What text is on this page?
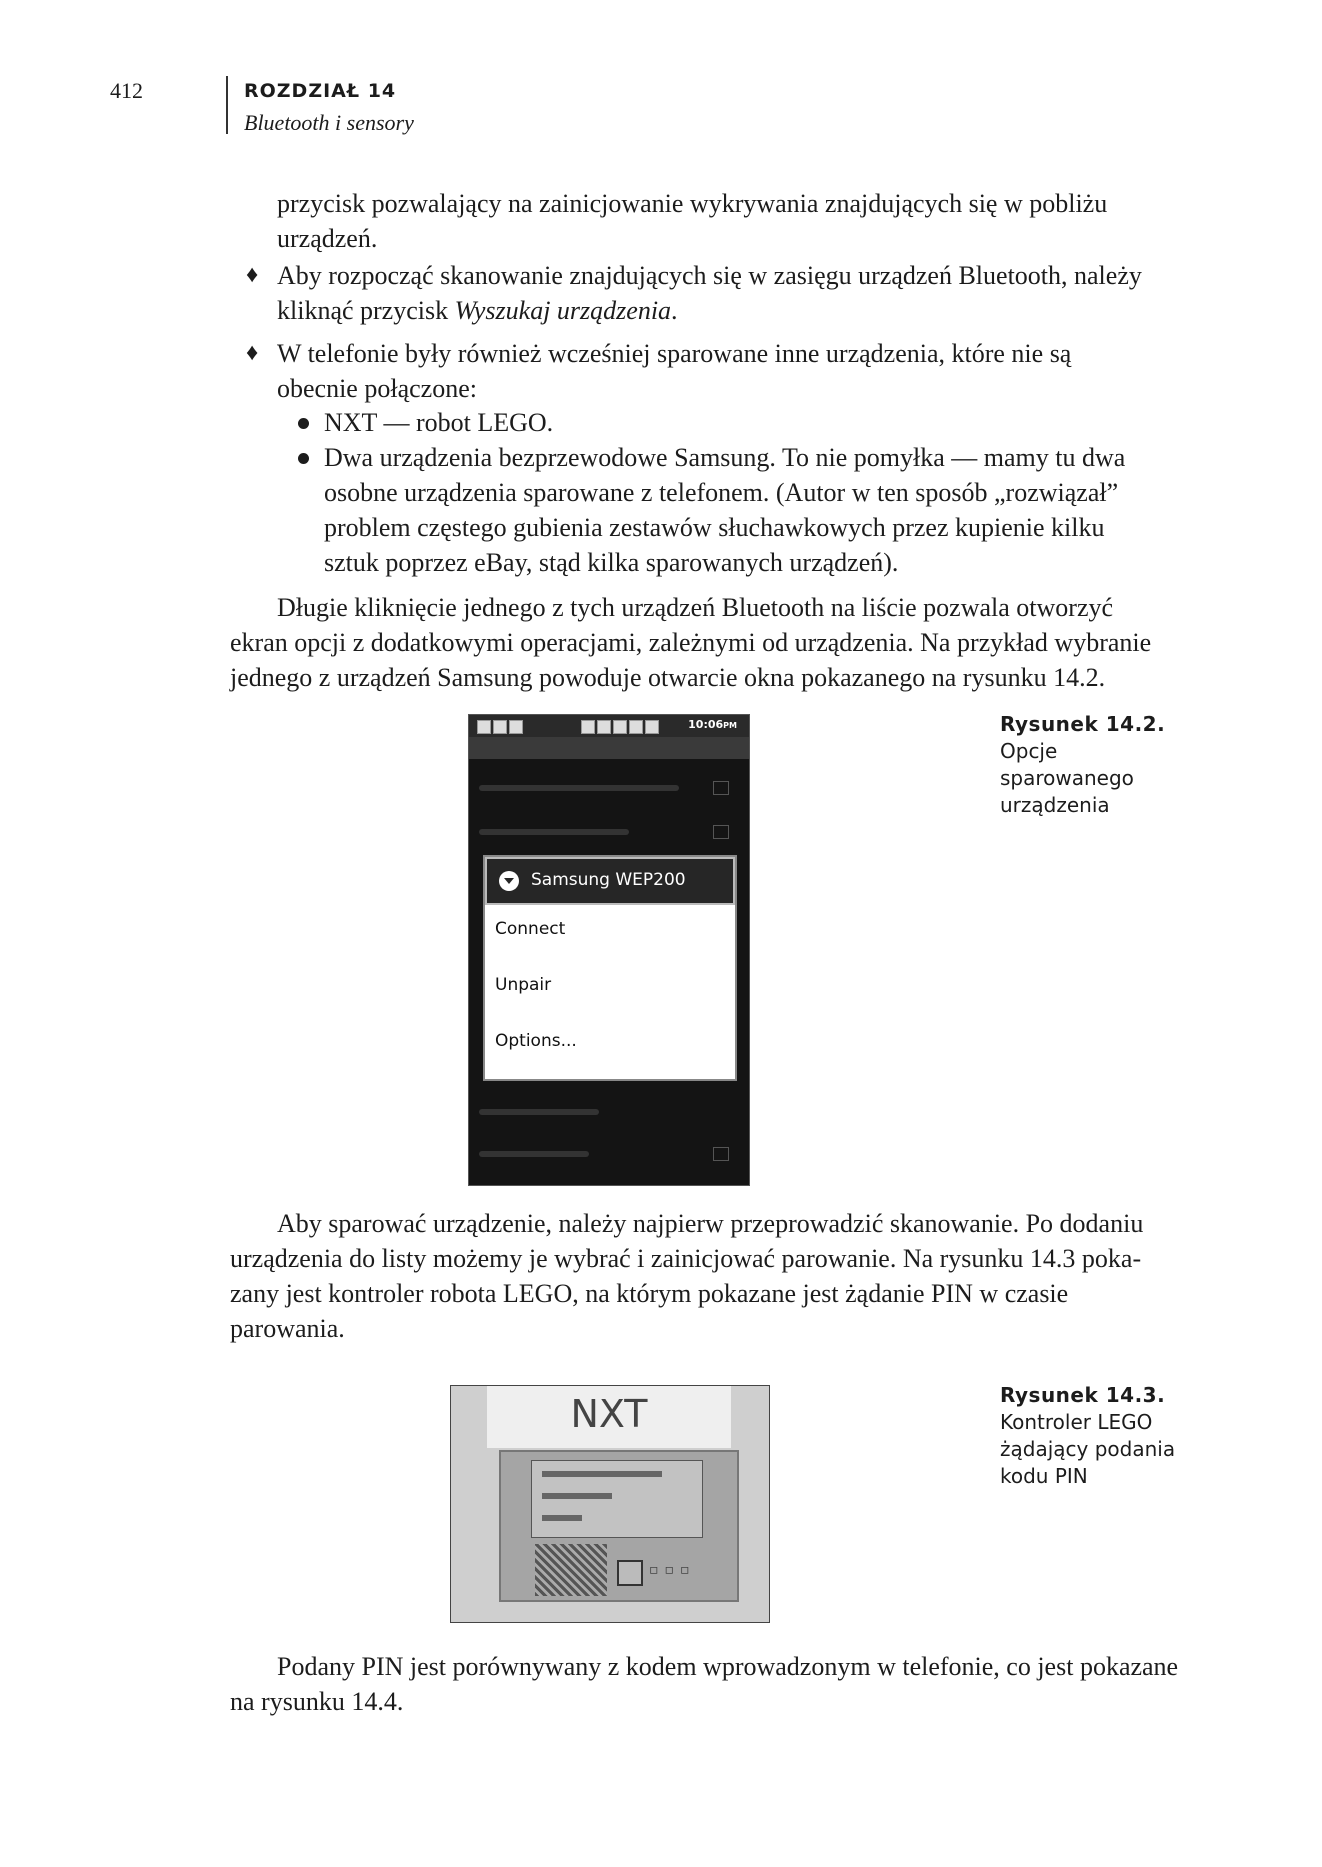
412	ROZDZIAŁ 14
Bluetooth i sensory
przycisk pozwalający na zainicjowanie wykrywania znajdujących się w pobliżu
urządzeń.
♦ Aby rozpocząć skanowanie znajdujących się w zasięgu urządzeń Bluetooth, należy
kliknąć przycisk Wyszukaj urządzenia.
♦ W telefonie były również wcześniej sparowane inne urządzenia, które nie są
obecnie połączone:
NXT — robot LEGO.
Dwa urządzenia bezprzewodowe Samsung. To nie pomyłka — mamy tu dwa
osobne urządzenia sparowane z telefonem. (Autor w ten sposób „rozwiązał”
problem częstego gubienia zestawów słuchawkowych przez kupienie kilku
sztuk poprzez eBay, stąd kilka sparowanych urządzeń).
Długie kliknięcie jednego z tych urządzeń Bluetooth na liście pozwala otworzyć
ekran opcji z dodatkowymi operacjami, zależnymi od urządzenia. Na przykład wybranie
jednego z urządzeń Samsung powoduje otwarcie okna pokazanego na rysunku 14.2.
10:06PM
Samsung WEP200
Connect
Unpair
Options...
Rysunek 14.2.
Opcje
sparowanego
urządzenia
Aby sparować urządzenie, należy najpierw przeprowadzić skanowanie. Po dodaniu
urządzenia do listy możemy je wybrać i zainicjować parowanie. Na rysunku 14.3 poka-
zany jest kontroler robota LEGO, na którym pokazane jest żądanie PIN w czasie
parowania.
NXT
▫▫▫
Rysunek 14.3.
Kontroler LEGO
żądający podania
kodu PIN
Podany PIN jest porównywany z kodem wprowadzonym w telefonie, co jest pokazane
na rysunku 14.4.
